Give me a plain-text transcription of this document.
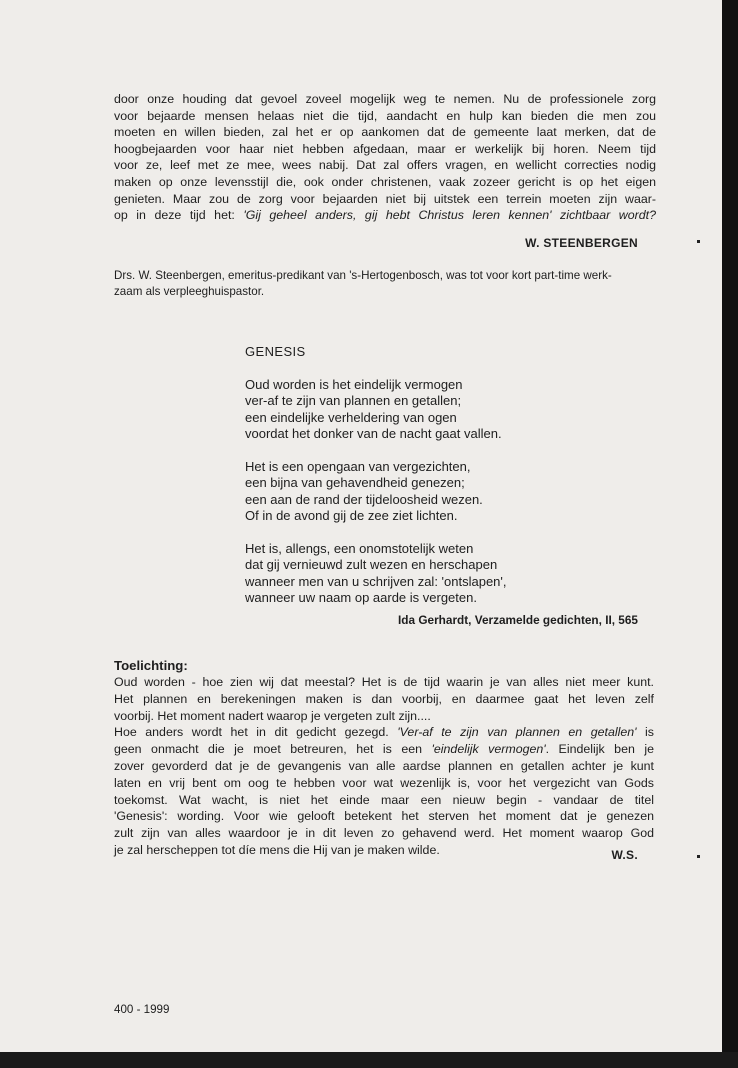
door onze houding dat gevoel zoveel mogelijk weg te nemen. Nu de professionele zorg

voor bejaarde mensen helaas niet die tijd, aandacht en hulp kan bieden die men zou

moeten en willen bieden, zal het er op aankomen dat de gemeente laat merken, dat de

hoogbejaarden voor haar niet hebben afgedaan, maar er werkelijk bij horen. Neem tijd

voor ze, leef met ze mee, wees nabij. Dat zal offers vragen, en wellicht correcties nodig

maken op onze levensstijl die, ook onder christenen, vaak zozeer gericht is op het eigen

genieten. Maar zou de zorg voor bejaarden niet bij uitstek een terrein moeten zijn waar-

op in deze tijd het: 'Gij geheel anders, gij hebt Christus leren kennen' zichtbaar wordt?

W. STEENBERGEN

Drs. W. Steenbergen, emeritus-predikant van 's-Hertogenbosch, was tot voor kort part-time werk-

zaam als verpleeghuispastor.

GENESIS
Oud worden is het eindelijk vermogen
ver-af te zijn van plannen en getallen;
een eindelijke verheldering van ogen
voordat het donker van de nacht gaat vallen.
Het is een opengaan van vergezichten,
een bijna van gehavendheid genezen;
een aan de rand der tijdeloosheid wezen.
Of in de avond gij de zee ziet lichten.
Het is, allengs, een onomstotelijk weten
dat gij vernieuwd zult wezen en herschapen
wanneer men van u schrijven zal: 'ontslapen',
wanneer uw naam op aarde is vergeten.
Ida Gerhardt, Verzamelde gedichten, II, 565
Toelichting:

Oud worden - hoe zien wij dat meestal? Het is de tijd waarin je van alles niet meer kunt.

Het plannen en berekeningen maken is dan voorbij, en daarmee gaat het leven zelf

voorbij. Het moment nadert waarop je vergeten zult zijn....

Hoe anders wordt het in dit gedicht gezegd. 'Ver-af te zijn van plannen en getallen' is

geen onmacht die je moet betreuren, het is een 'eindelijk vermogen'. Eindelijk ben je

zover gevorderd dat je de gevangenis van alle aardse plannen en getallen achter je kunt

laten en vrij bent om oog te hebben voor wat wezenlijk is, voor het vergezicht van Gods

toekomst. Wat wacht, is niet het einde maar een nieuw begin - vandaar de titel

'Genesis': wording. Voor wie gelooft betekent het sterven het moment dat je genezen

zult zijn van alles waardoor je in dit leven zo gehavend werd. Het moment waarop God

je zal herscheppen tot díe mens die Hij van je maken wilde.	W.S.
400 - 1999
